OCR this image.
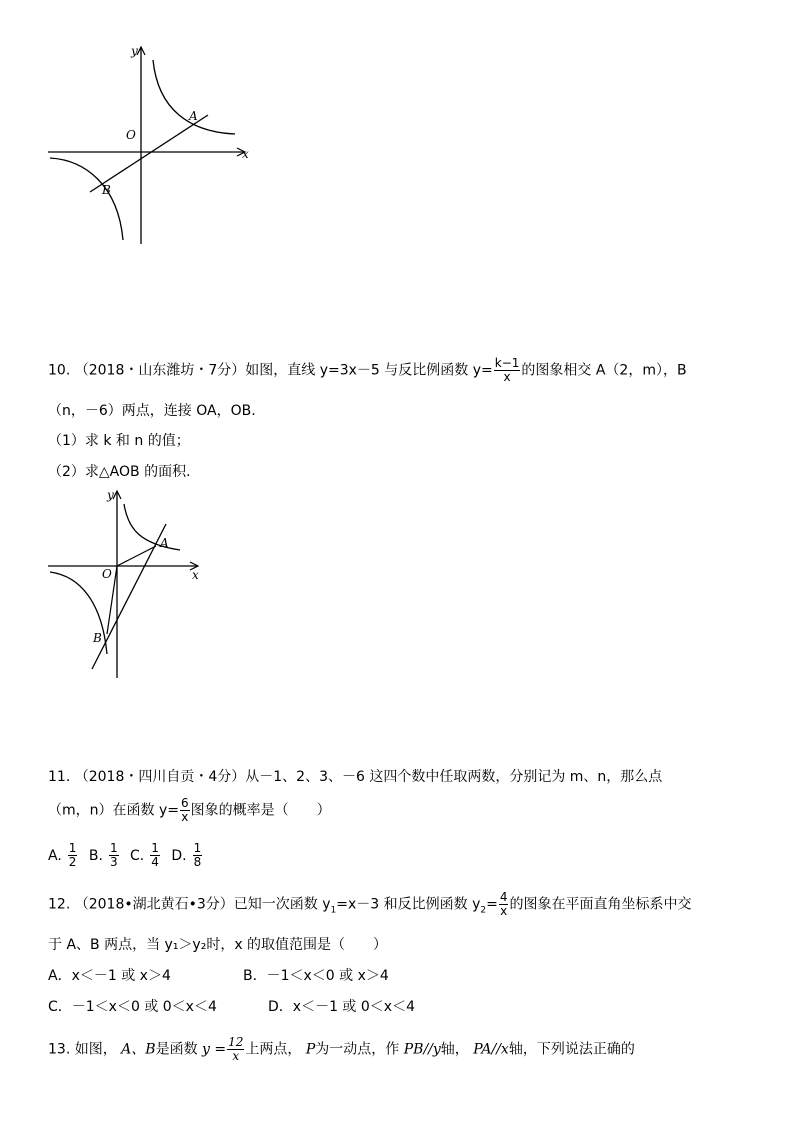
y
x
O
A
B
10. （2018・山东潍坊・7分）如图，直线 y=3x－5 与反比例函数 $y= \frac{k-1}{x}$ 的图象相交 A（2，m），B
（n，－6）两点，连接 OA，OB.
（1）求 k 和 n 的值；
（2）求△AOB 的面积.
y
x
O
A
B
11. （2018・四川自贡・4分）从－1、2、3、－6 这四个数中任取两数，分别记为 m、n，那么点
（m，n）在函数 $y= \frac{6}{x}$ 图象的概率是（　　）
A. $\frac{1}{2} B$. $\frac{1}{3} C$. $\frac{1}{4} D$. $\frac{1}{8}$
12. （2018•湖北黄石•3分）已知一次函数 $y_1=x-3$ 和反比例函数 $y_2= \frac{4}{x}$ 的图象在平面直角坐标系中交
于 A、B 两点，当 y₁＞y₂时，x 的取值范围是（　　）
A．x＜－1 或 x＞4	B．－1＜x＜0 或 x＞4
C．－1＜x＜0 或 0＜x＜4	D．x＜－1 或 0＜x＜4
13. 如图， A、B是函数 $y = \frac{12}{x}$ 上两点， P为一动点，作 PB//y轴， PA//x轴，下列说法正确的
